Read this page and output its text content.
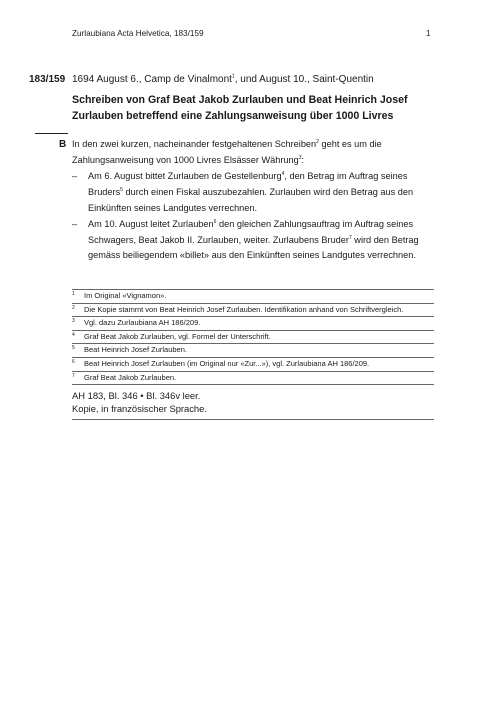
Zurlaubiana Acta Helvetica, 183/159	1
183/159 1694 August 6., Camp de Vinalmont$^1$, und August 10., Saint-Quentin
Schreiben von Graf Beat Jakob Zurlauben und Beat Heinrich Josef Zurlauben betreffend eine Zahlungsanweisung über 1000 Livres
B In den zwei kurzen, nacheinander festgehaltenen Schreiben$^2$ geht es um die Zahlungsanweisung von 1000 Livres Elsässer Währung$^3$:

– Am 6. August bittet Zurlauben de Gestellenburg$^4$, den Betrag im Auftrag seines Bruders$^5$ durch einen Fiskal auszubezahlen. Zurlauben wird den Betrag aus den Einkünften seines Landgutes verrechnen.

– Am 10. August leitet Zurlauben$^6$ den gleichen Zahlungsauftrag im Auftrag seines Schwagers, Beat Jakob II. Zurlauben, weiter. Zurlaubens Bruder$^7$ wird den Betrag gemäss beiliegendem «billet» aus den Einkünften seines Landgutes verrechnen.

1 Im Original «Vignamon».
2 Die Kopie stammt von Beat Heinrich Josef Zurlauben. Identifikation anhand von Schriftvergleich.
3 Vgl. dazu Zurlaubiana AH 186/209.
4 Graf Beat Jakob Zurlauben, vgl. Formel der Unterschrift.
5 Beat Heinrich Josef Zurlauben.
6 Beat Heinrich Josef Zurlauben (im Original nur «Zur...»), vgl. Zurlaubiana AH 186/209.
7 Graf Beat Jakob Zurlauben.
AH 183, Bl. 346 • Bl. 346v leer.
Kopie, in französischer Sprache.
